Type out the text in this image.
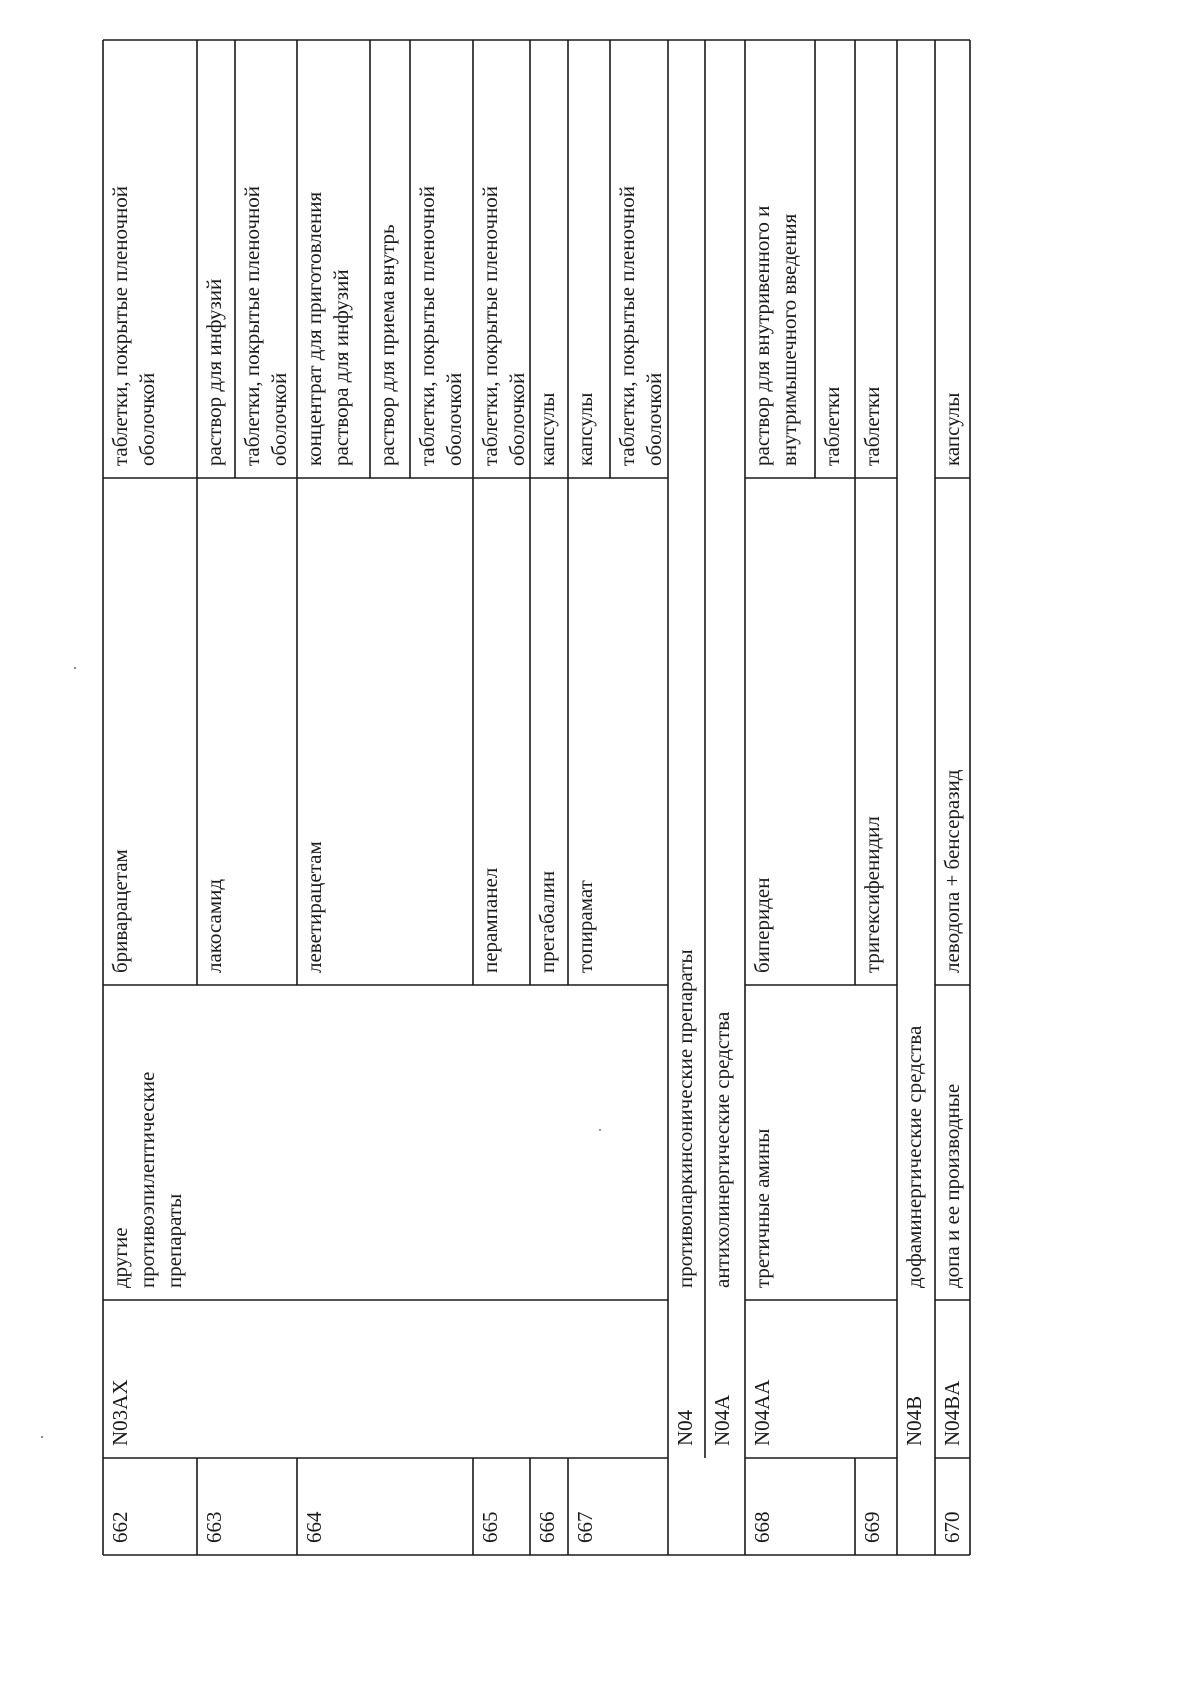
662
N03AX
другие противоэпилептические препараты
бриварацетам
таблетки, покрытые пленочной оболочкой
663
лакосамид
раствор для инфузий таблетки, покрытые пленочной оболочкой
664
леветирацетам
концентрат для приготовления раствора для инфузий раствор для приема внутрь таблетки, покрытые пленочной оболочкой
665
перампанел
таблетки, покрытые пленочной оболочкой
666
прегабалин
капсулы
667
топирамат
капсулы таблетки, покрытые пленочной оболочкой
N04
противопаркинсонические препараты
N04A
антихолинергические средства
668
N04AA
третичные амины
бипериден
раствор для внутривенного и внутримышечного введения таблетки
669
тригексифенидил
таблетки
N04B
дофаминергические средства
670
N04BA
допа и ее производные
леводопа + бенсеразид
капсулы
